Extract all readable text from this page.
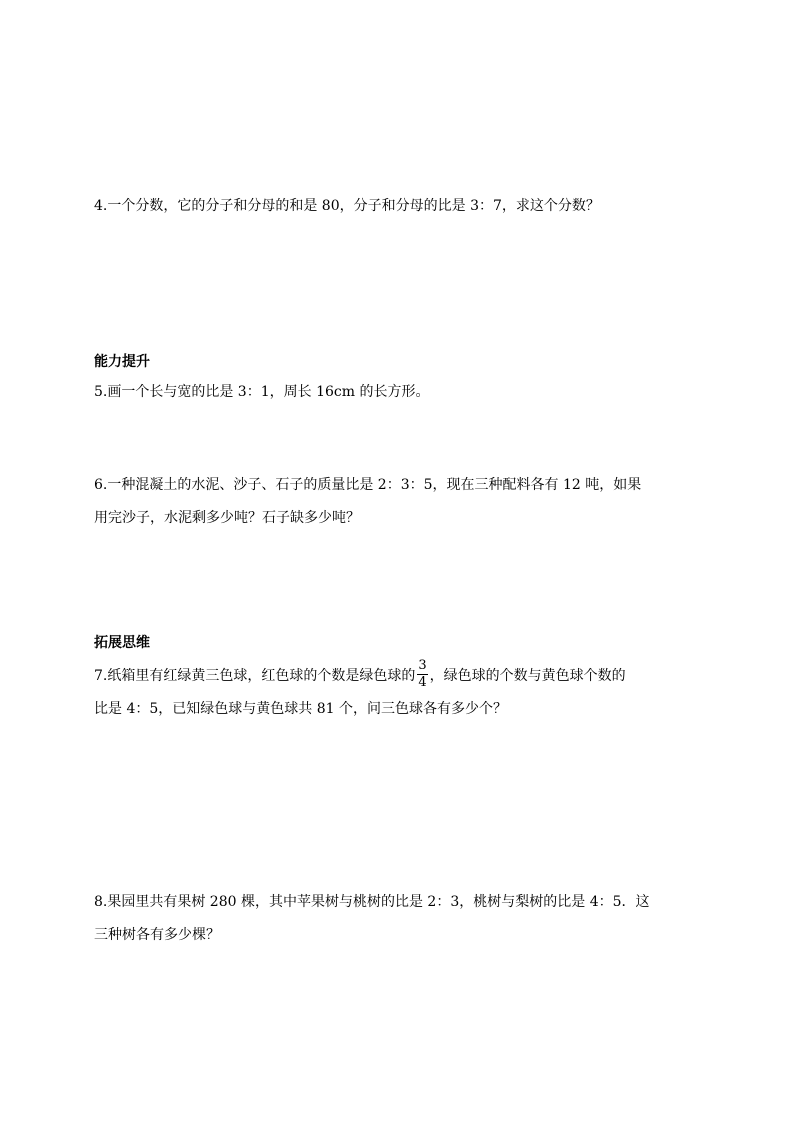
4.一个分数，它的分子和分母的和是 80，分子和分母的比是 3：7，求这个分数？
能力提升
5.画一个长与宽的比是 3：1，周长 16cm 的长方形。
6.一种混凝土的水泥、沙子、石子的质量比是 2：3：5，现在三种配料各有 12 吨，如果
用完沙子，水泥剩多少吨？石子缺多少吨？
拓展思维
7.纸箱里有红绿黄三色球，红色球的个数是绿色球的 $\frac{3}{4}$ ，绿色球的个数与黄色球个数的
比是 4：5，已知绿色球与黄色球共 81 个，问三色球各有多少个？
8.果园里共有果树 280 棵，其中苹果树与桃树的比是 2：3，桃树与梨树的比是 4：5．这
三种树各有多少棵？
